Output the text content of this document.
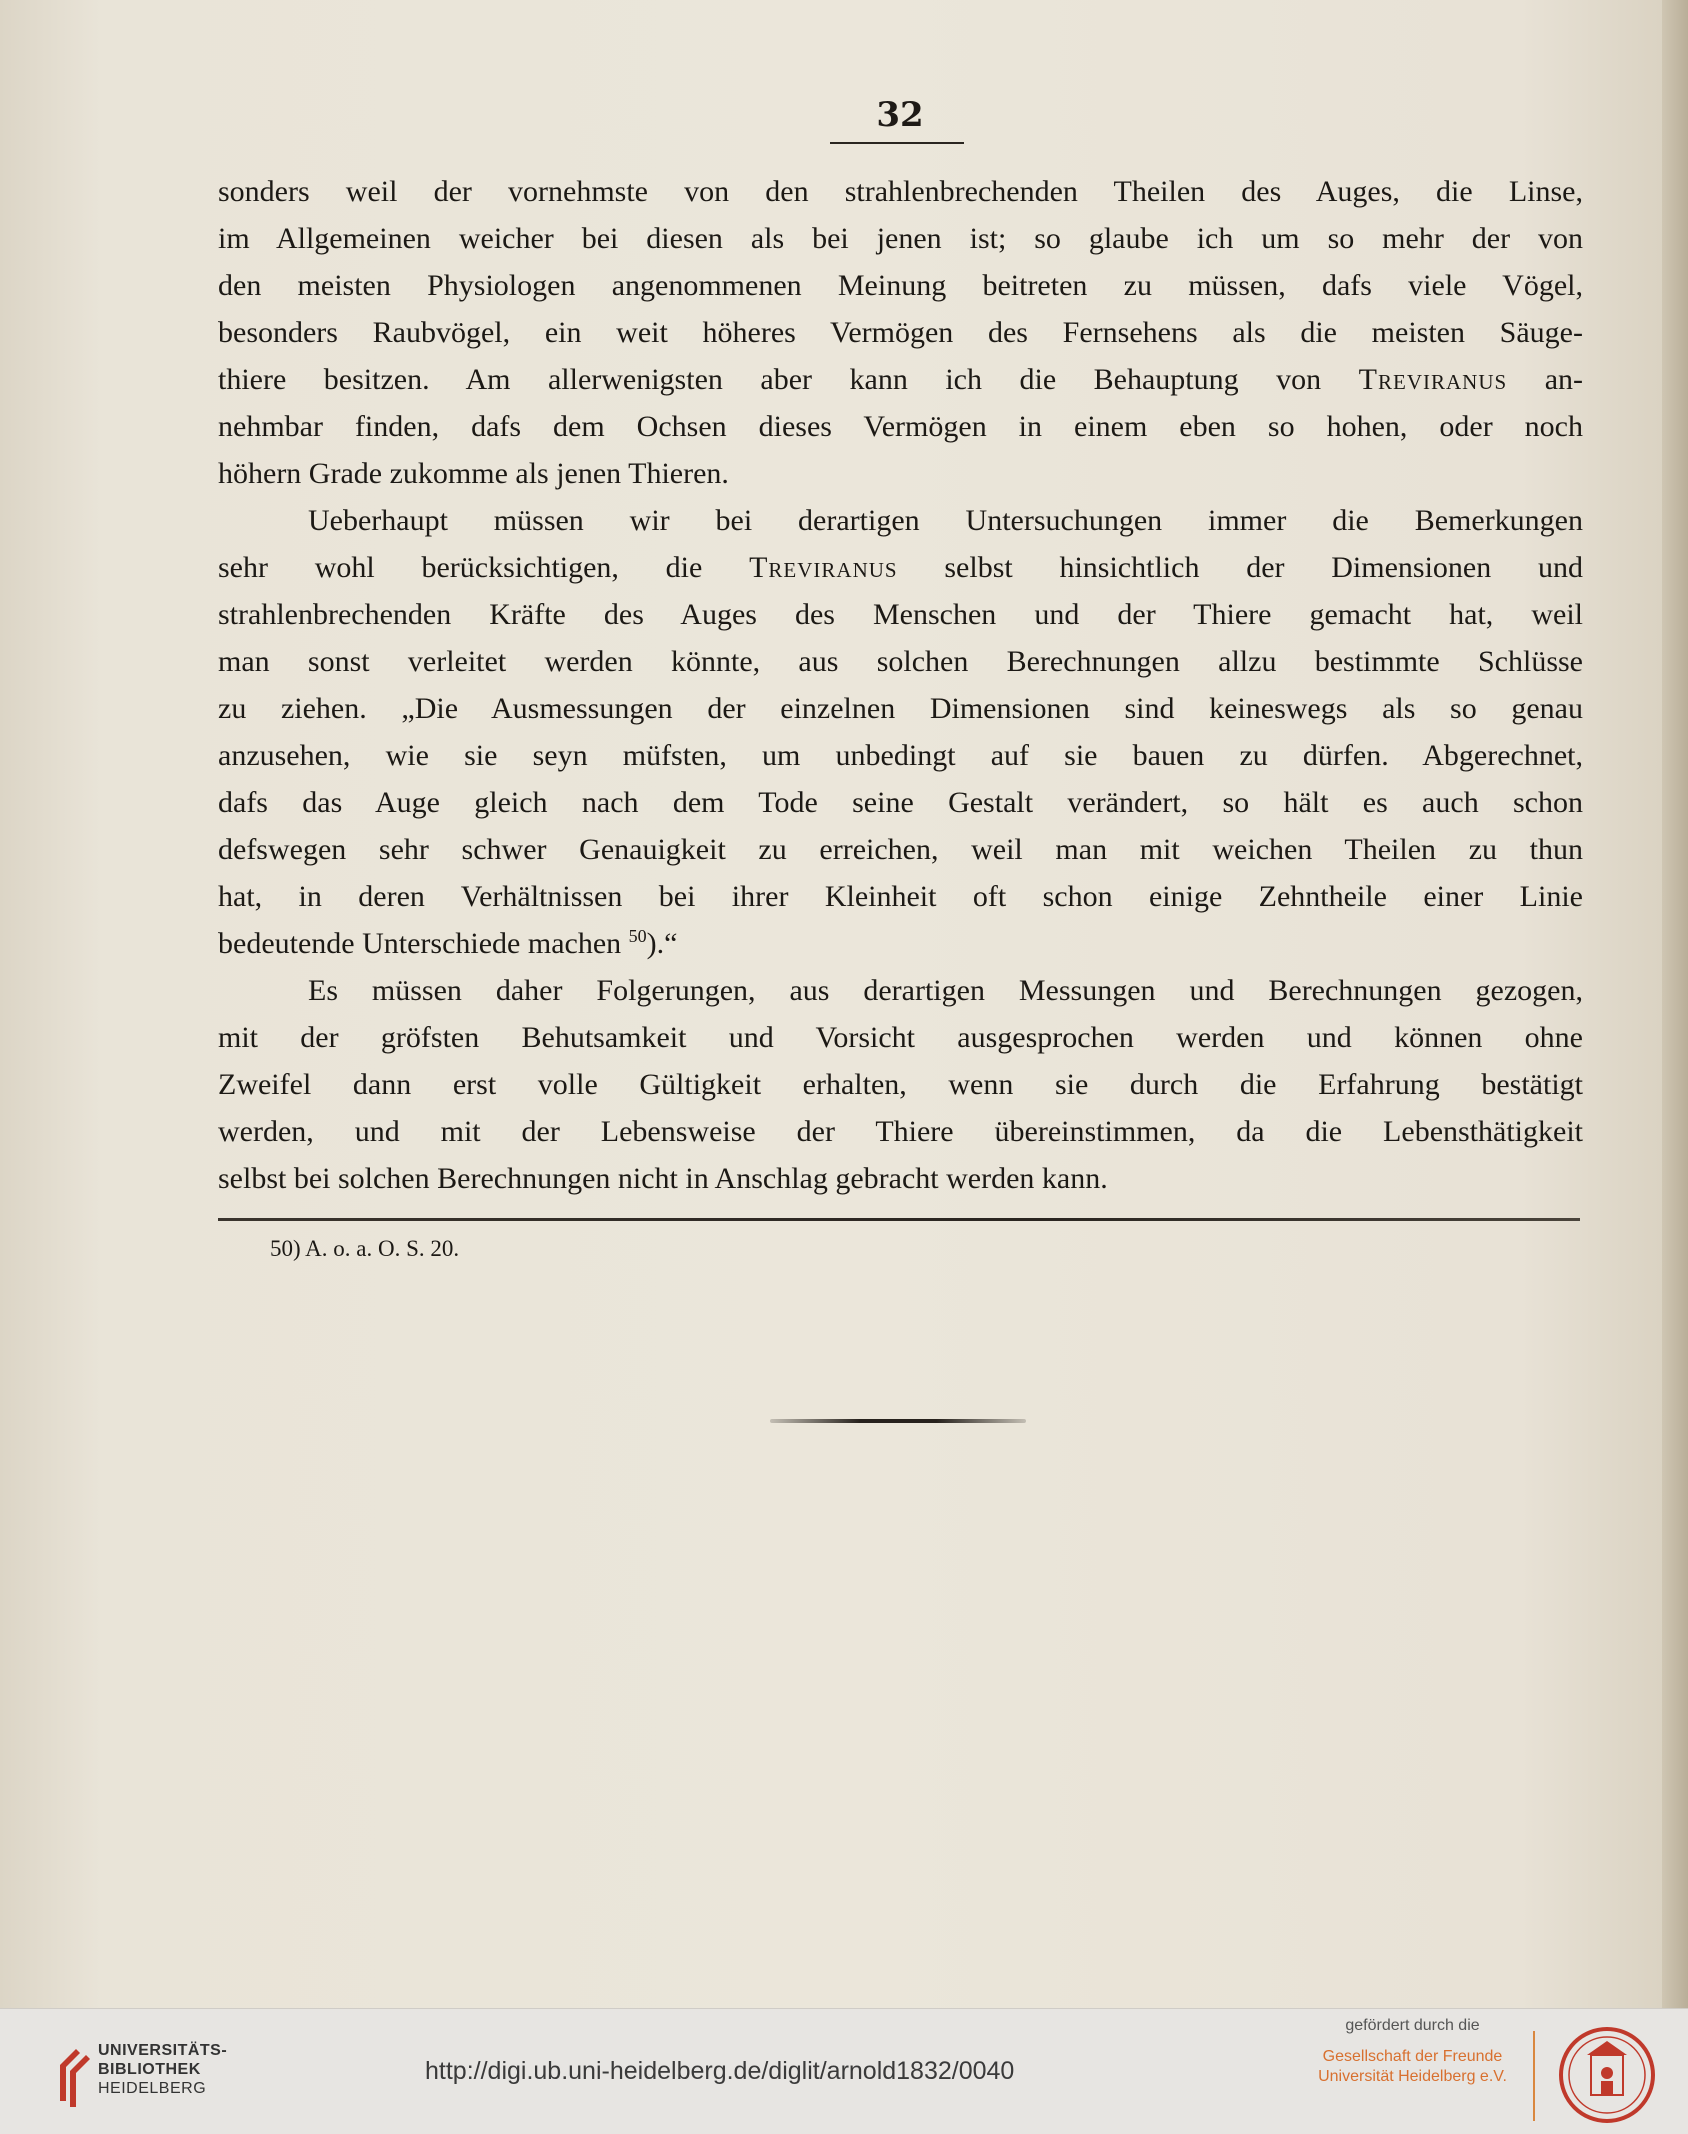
32
sonders weil der vornehmste von den strahlenbrechenden Theilen des Auges, die Linse,
im Allgemeinen weicher bei diesen als bei jenen ist; so glaube ich um so mehr der von
den meisten Physiologen angenommenen Meinung beitreten zu müssen, dafs viele Vögel,
besonders Raubvögel, ein weit höheres Vermögen des Fernsehens als die meisten Säuge-
thiere besitzen. Am allerwenigsten aber kann ich die Behauptung von Treviranus an-
nehmbar finden, dafs dem Ochsen dieses Vermögen in einem eben so hohen, oder noch
höhern Grade zukomme als jenen Thieren.
Ueberhaupt müssen wir bei derartigen Untersuchungen immer die Bemerkungen
sehr wohl berücksichtigen, die Treviranus selbst hinsichtlich der Dimensionen und
strahlenbrechenden Kräfte des Auges des Menschen und der Thiere gemacht hat, weil
man sonst verleitet werden könnte, aus solchen Berechnungen allzu bestimmte Schlüsse
zu ziehen. „Die Ausmessungen der einzelnen Dimensionen sind keineswegs als so genau
anzusehen, wie sie seyn müfsten, um unbedingt auf sie bauen zu dürfen. Abgerechnet,
dafs das Auge gleich nach dem Tode seine Gestalt verändert, so hält es auch schon
defswegen sehr schwer Genauigkeit zu erreichen, weil man mit weichen Theilen zu thun
hat, in deren Verhältnissen bei ihrer Kleinheit oft schon einige Zehntheile einer Linie
bedeutende Unterschiede machen $^{50}$).“
Es müssen daher Folgerungen, aus derartigen Messungen und Berechnungen gezogen,
mit der gröfsten Behutsamkeit und Vorsicht ausgesprochen werden und können ohne
Zweifel dann erst volle Gültigkeit erhalten, wenn sie durch die Erfahrung bestätigt
werden, und mit der Lebensweise der Thiere übereinstimmen, da die Lebensthätigkeit
selbst bei solchen Berechnungen nicht in Anschlag gebracht werden kann.
50) A. o. a. O. S. 20.
UNIVERSITÄTS-
BIBLIOTHEK
HEIDELBERG
http://digi.ub.uni-heidelberg.de/diglit/arnold1832/0040
gefördert durch die
Gesellschaft der Freunde
Universität Heidelberg e.V.
